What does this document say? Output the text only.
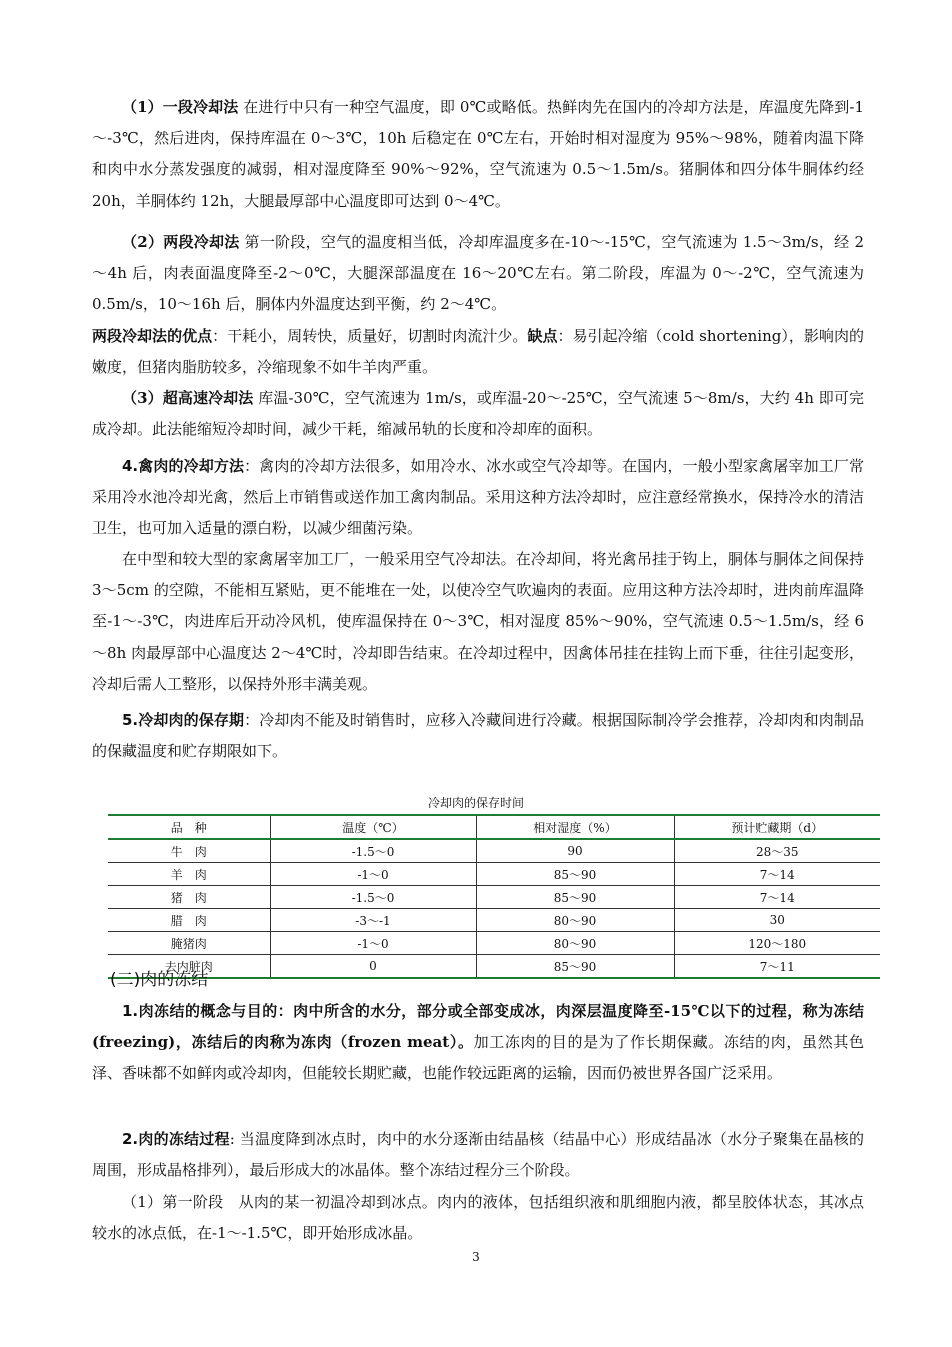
（1）一段冷却法 在进行中只有一种空气温度，即 0℃或略低。热鲜肉先在国内的冷却方法是，库温度先降到-1～-3℃，然后进肉，保持库温在 0～3℃，10h 后稳定在 0℃左右，开始时相对湿度为 95%～98%，随着肉温下降和肉中水分蒸发强度的减弱，相对湿度降至 90%～92%，空气流速为 0.5～1.5m/s。猪胴体和四分体牛胴体约经 20h，羊胴体约 12h，大腿最厚部中心温度即可达到 0～4℃。

（2）两段冷却法 第一阶段，空气的温度相当低，冷却库温度多在-10～-15℃，空气流速为 1.5～3m/s，经 2～4h 后，肉表面温度降至-2～0℃，大腿深部温度在 16～20℃左右。第二阶段，库温为 0～-2℃，空气流速为 0.5m/s，10～16h 后，胴体内外温度达到平衡，约 2～4℃。

两段冷却法的优点：干耗小，周转快，质量好，切割时肉流汁少。缺点：易引起冷缩（cold shortening），影响肉的嫩度，但猪肉脂肪较多，冷缩现象不如牛羊肉严重。

（3）超高速冷却法 库温-30℃，空气流速为 1m/s，或库温-20～-25℃，空气流速 5～8m/s，大约 4h 即可完成冷却。此法能缩短冷却时间，减少干耗，缩减吊轨的长度和冷却库的面积。

4.禽肉的冷却方法：禽肉的冷却方法很多，如用冷水、冰水或空气冷却等。在国内，一般小型家禽屠宰加工厂常采用冷水池冷却光禽，然后上市销售或送作加工禽肉制品。采用这种方法冷却时，应注意经常换水，保持冷水的清洁卫生，也可加入适量的漂白粉，以减少细菌污染。

在中型和较大型的家禽屠宰加工厂，一般采用空气冷却法。在冷却间，将光禽吊挂于钩上，胴体与胴体之间保持 3～5cm 的空隙，不能相互紧贴，更不能堆在一处，以使冷空气吹遍肉的表面。应用这种方法冷却时，进肉前库温降至-1～-3℃，肉进库后开动冷风机，使库温保持在 0～3℃，相对湿度 85%～90%，空气流速 0.5～1.5m/s，经 6～8h 肉最厚部中心温度达 2～4℃时，冷却即告结束。在冷却过程中，因禽体吊挂在挂钩上而下垂，往往引起变形，冷却后需人工整形，以保持外形丰满美观。

5.冷却肉的保存期：冷却肉不能及时销售时，应移入冷藏间进行冷藏。根据国际制冷学会推荐，冷却肉和肉制品的保藏温度和贮存期限如下。

冷却肉的保存时间
品　种	温度（℃）	相对湿度（%）	预计贮藏期（d）
牛　肉	-1.5～0	90	28～35
羊　肉	-1～0	85～90	7～14
猪　肉	-1.5～0	85～90	7～14
腊　肉	-3～-1	80～90	30
腌猪肉	-1～0	80～90	120～180
去内脏肉	0	85～90	7～11
(二)肉的冻结

1.肉冻结的概念与目的：肉中所含的水分，部分或全部变成冰，肉深层温度降至-15℃以下的过程，称为冻结(freezing)，冻结后的肉称为冻肉（frozen meat）。加工冻肉的目的是为了作长期保藏。冻结的肉，虽然其色泽、香味都不如鲜肉或冷却肉，但能较长期贮藏，也能作较远距离的运输，因而仍被世界各国广泛采用。

2.肉的冻结过程: 当温度降到冰点时，肉中的水分逐渐由结晶核（结晶中心）形成结晶冰（水分子聚集在晶核的周围，形成晶格排列），最后形成大的冰晶体。整个冻结过程分三个阶段。

（1）第一阶段　从肉的某一初温冷却到冰点。肉内的液体，包括组织液和肌细胞内液，都呈胶体状态，其冰点较水的冰点低，在-1～-1.5℃，即开始形成冰晶。

3
